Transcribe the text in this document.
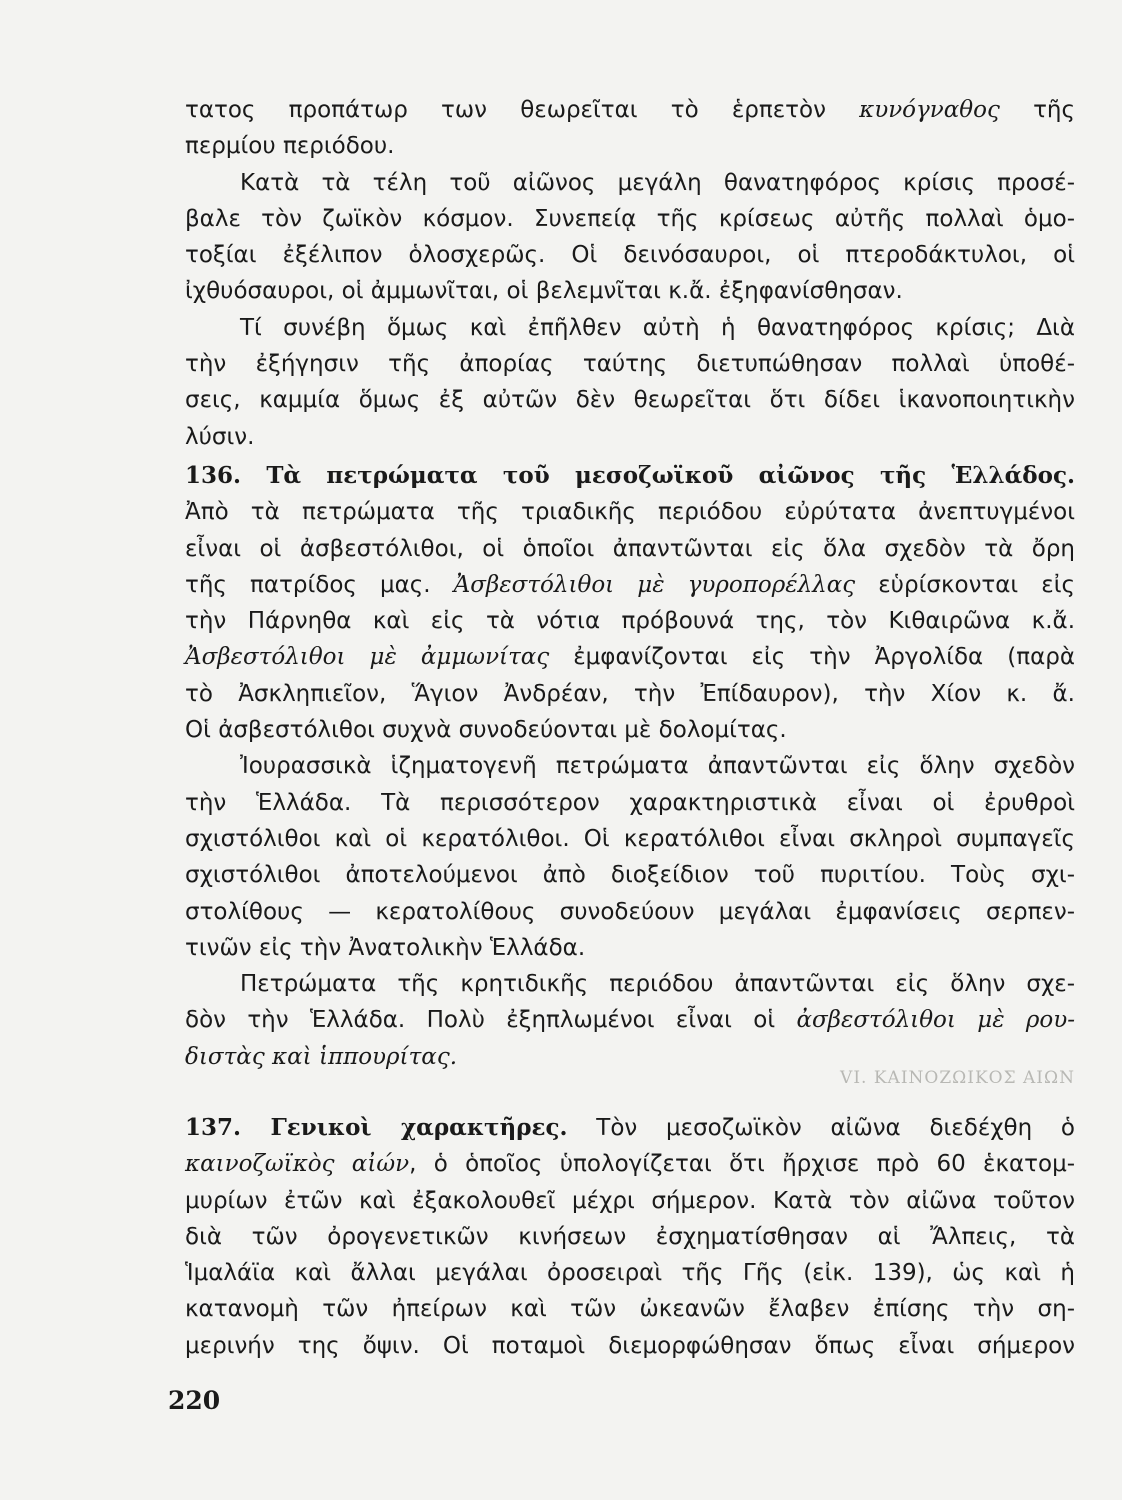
τατος προπάτωρ των θεωρεῖται τὸ ἑρπετὸν κυνόγναθος τῆς
περμίου περιόδου.
Κατὰ τὰ τέλη τοῦ αἰῶνος μεγάλη θανατηφόρος κρίσις προσέ-
βαλε τὸν ζωϊκὸν κόσμον. Συνεπείᾳ τῆς κρίσεως αὐτῆς πολλαὶ ὁμο-
τοξίαι ἐξέλιπον ὁλοσχερῶς. Οἱ δεινόσαυροι, οἱ πτεροδάκτυλοι, οἱ
ἰχθυόσαυροι, οἱ ἀμμωνῖται, οἱ βελεμνῖται κ.ἄ. ἐξηφανίσθησαν.
Τί συνέβη ὅμως καὶ ἐπῆλθεν αὐτὴ ἡ θανατηφόρος κρίσις; Διὰ
τὴν ἐξήγησιν τῆς ἀπορίας ταύτης διετυπώθησαν πολλαὶ ὑποθέ-
σεις, καμμία ὅμως ἐξ αὐτῶν δὲν θεωρεῖται ὅτι δίδει ἱκανοποιητικὴν
λύσιν.
136. Τὰ πετρώματα τοῦ μεσοζωϊκοῦ αἰῶνος τῆς Ἑλλάδος.
Ἀπὸ τὰ πετρώματα τῆς τριαδικῆς περιόδου εὐρύτατα ἀνεπτυγμένοι
εἶναι οἱ ἀσβεστόλιθοι, οἱ ὁποῖοι ἀπαντῶνται εἰς ὅλα σχεδὸν τὰ ὄρη
τῆς πατρίδος μας. Ἀσβεστόλιθοι μὲ γυροπορέλλας εὑρίσκονται εἰς
τὴν Πάρνηθα καὶ εἰς τὰ νότια πρόβουνά της, τὸν Κιθαιρῶνα κ.ἄ.
Ἀσβεστόλιθοι μὲ ἀμμωνίτας ἐμφανίζονται εἰς τὴν Ἀργολίδα (παρὰ
τὸ Ἀσκληπιεῖον, Ἅγιον Ἀνδρέαν, τὴν Ἐπίδαυρον), τὴν Χίον κ. ἄ.
Οἱ ἀσβεστόλιθοι συχνὰ συνοδεύονται μὲ δολομίτας.
Ἰουρασσικὰ ἱζηματογενῆ πετρώματα ἀπαντῶνται εἰς ὅλην σχεδὸν
τὴν Ἑλλάδα. Τὰ περισσότερον χαρακτηριστικὰ εἶναι οἱ ἐρυθροὶ
σχιστόλιθοι καὶ οἱ κερατόλιθοι. Οἱ κερατόλιθοι εἶναι σκληροὶ συμπαγεῖς
σχιστόλιθοι ἀποτελούμενοι ἀπὸ διοξείδιον τοῦ πυριτίου. Τοὺς σχι-
στολίθους — κερατολίθους συνοδεύουν μεγάλαι ἐμφανίσεις σερπεν-
τινῶν εἰς τὴν Ἀνατολικὴν Ἑλλάδα.
Πετρώματα τῆς κρητιδικῆς περιόδου ἀπαντῶνται εἰς ὅλην σχε-
δὸν τὴν Ἑλλάδα. Πολὺ ἐξηπλωμένοι εἶναι οἱ ἀσβεστόλιθοι μὲ ρου-
διστὰς καὶ ἱππουρίτας.
VI. ΚΑΙΝΟΖΩΙΚΟΣ ΑΙΩΝ
137. Γενικοὶ χαρακτῆρες. Τὸν μεσοζωϊκὸν αἰῶνα διεδέχθη ὁ
καινοζωϊκὸς αἰών, ὁ ὁποῖος ὑπολογίζεται ὅτι ἤρχισε πρὸ 60 ἑκατομ-
μυρίων ἐτῶν καὶ ἐξακολουθεῖ μέχρι σήμερον. Κατὰ τὸν αἰῶνα τοῦτον
διὰ τῶν ὀρογενετικῶν κινήσεων ἐσχηματίσθησαν αἱ Ἄλπεις, τὰ
Ἱμαλάϊα καὶ ἄλλαι μεγάλαι ὀροσειραὶ τῆς Γῆς (εἰκ. 139), ὡς καὶ ἡ
κατανομὴ τῶν ἠπείρων καὶ τῶν ὠκεανῶν ἔλαβεν ἐπίσης τὴν ση-
μερινήν της ὄψιν. Οἱ ποταμοὶ διεμορφώθησαν ὅπως εἶναι σήμερον
220
